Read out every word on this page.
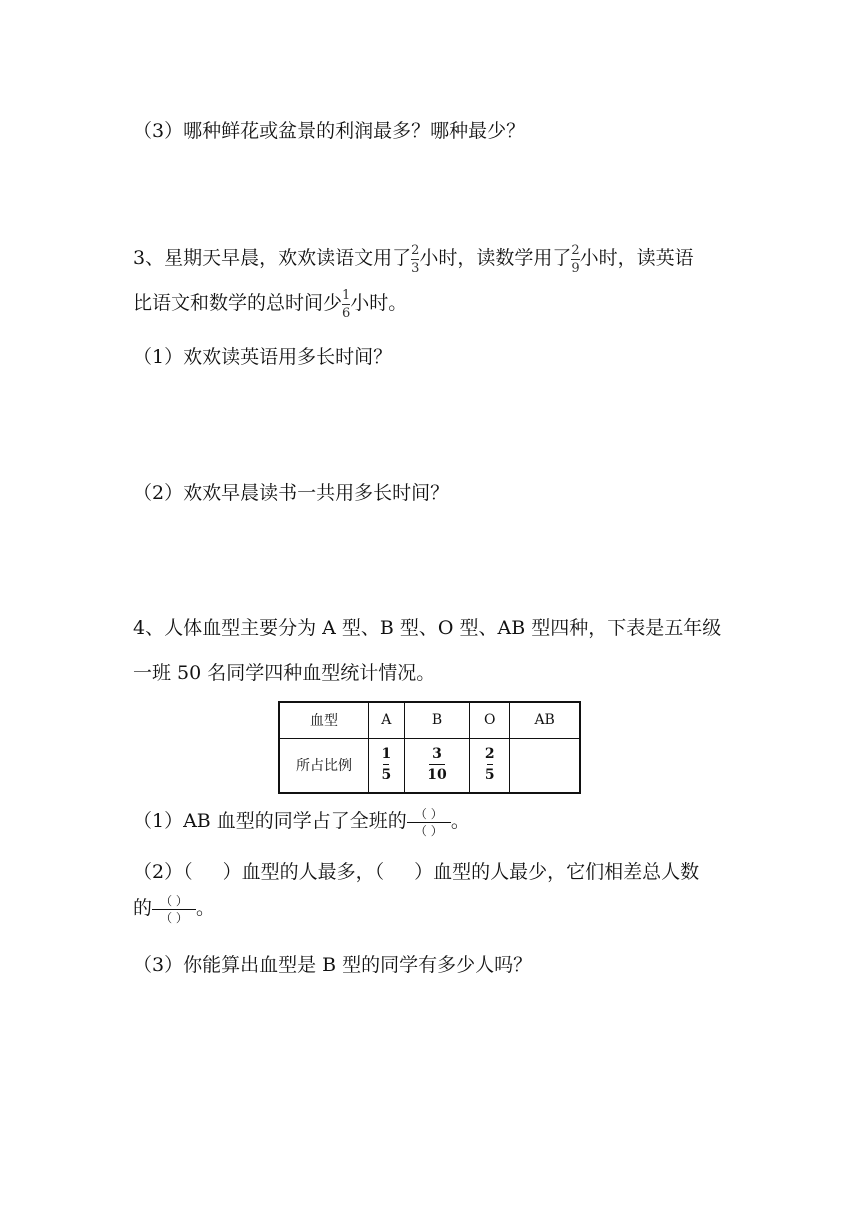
（3）哪种鲜花或盆景的利润最多？哪种最少？
3、星期天早晨，欢欢读语文用了 $\frac{2}{3}$ 小时，读数学用了 $\frac{2}{9}$ 小时，读英语
比语文和数学的总时间少 $\frac{1}{6}$ 小时。
（1）欢欢读英语用多长时间？
（2）欢欢早晨读书一共用多长时间？
4、人体血型主要分为 A 型、B 型、O 型、AB 型四种，下表是五年级
一班 50 名同学四种血型统计情况。
血型	A	B	O	AB
所占比例	$\frac{1}{5}$	$\frac{3}{10}$	$\frac{2}{5}$	
（1）AB 血型的同学占了全班的 $\frac{( )}{( )}$ 。
（2）（ ）血型的人最多，（ ）血型的人最少，它们相差总人数
的 $\frac{( )}{( )}$ 。
（3）你能算出血型是 B 型的同学有多少人吗？
